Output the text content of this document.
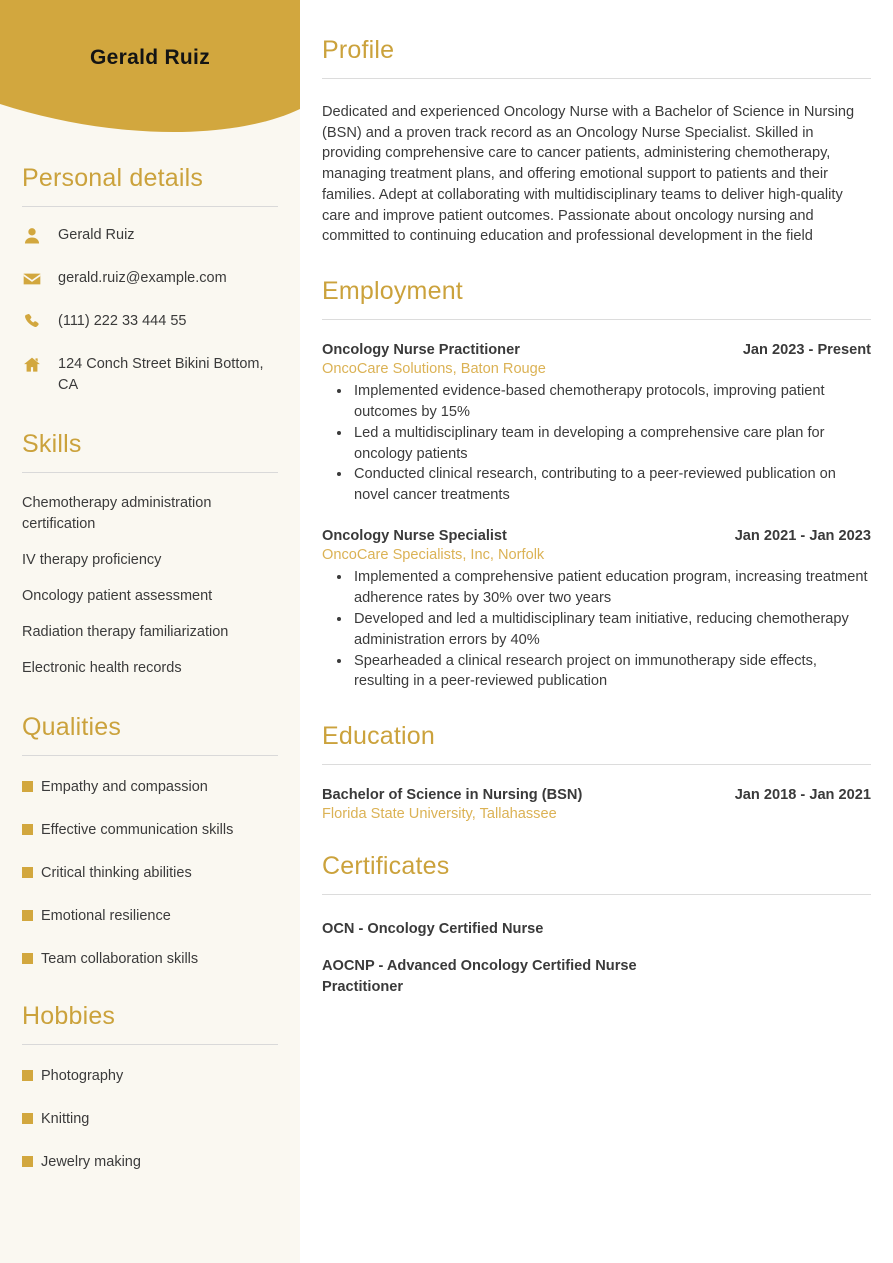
Gerald Ruiz
Personal details
Gerald Ruiz
gerald.ruiz@example.com
(111) 222 33 444 55
124 Conch Street Bikini Bottom, CA
Skills
Chemotherapy administration certification
IV therapy proficiency
Oncology patient assessment
Radiation therapy familiarization
Electronic health records
Qualities
Empathy and compassion
Effective communication skills
Critical thinking abilities
Emotional resilience
Team collaboration skills
Hobbies
Photography
Knitting
Jewelry making
Profile

Dedicated and experienced Oncology Nurse with a Bachelor of Science in Nursing (BSN) and a proven track record as an Oncology Nurse Specialist. Skilled in providing comprehensive care to cancer patients, administering chemotherapy, managing treatment plans, and offering emotional support to patients and their families. Adept at collaborating with multidisciplinary teams to deliver high-quality care and improve patient outcomes. Passionate about oncology nursing and committed to continuing education and professional development in the field

Employment
Oncology Nurse Practitioner	Jan 2023 - Present
OncoCare Solutions, Baton Rouge
• Implemented evidence-based chemotherapy protocols, improving patient outcomes by 15%
• Led a multidisciplinary team in developing a comprehensive care plan for oncology patients
• Conducted clinical research, contributing to a peer-reviewed publication on novel cancer treatments
Oncology Nurse Specialist	Jan 2021 - Jan 2023
OncoCare Specialists, Inc, Norfolk
• Implemented a comprehensive patient education program, increasing treatment adherence rates by 30% over two years
• Developed and led a multidisciplinary team initiative, reducing chemotherapy administration errors by 40%
• Spearheaded a clinical research project on immunotherapy side effects, resulting in a peer-reviewed publication
Education
Bachelor of Science in Nursing (BSN)	Jan 2018 - Jan 2021
Florida State University, Tallahassee
Certificates
OCN - Oncology Certified Nurse
AOCNP - Advanced Oncology Certified Nurse Practitioner
